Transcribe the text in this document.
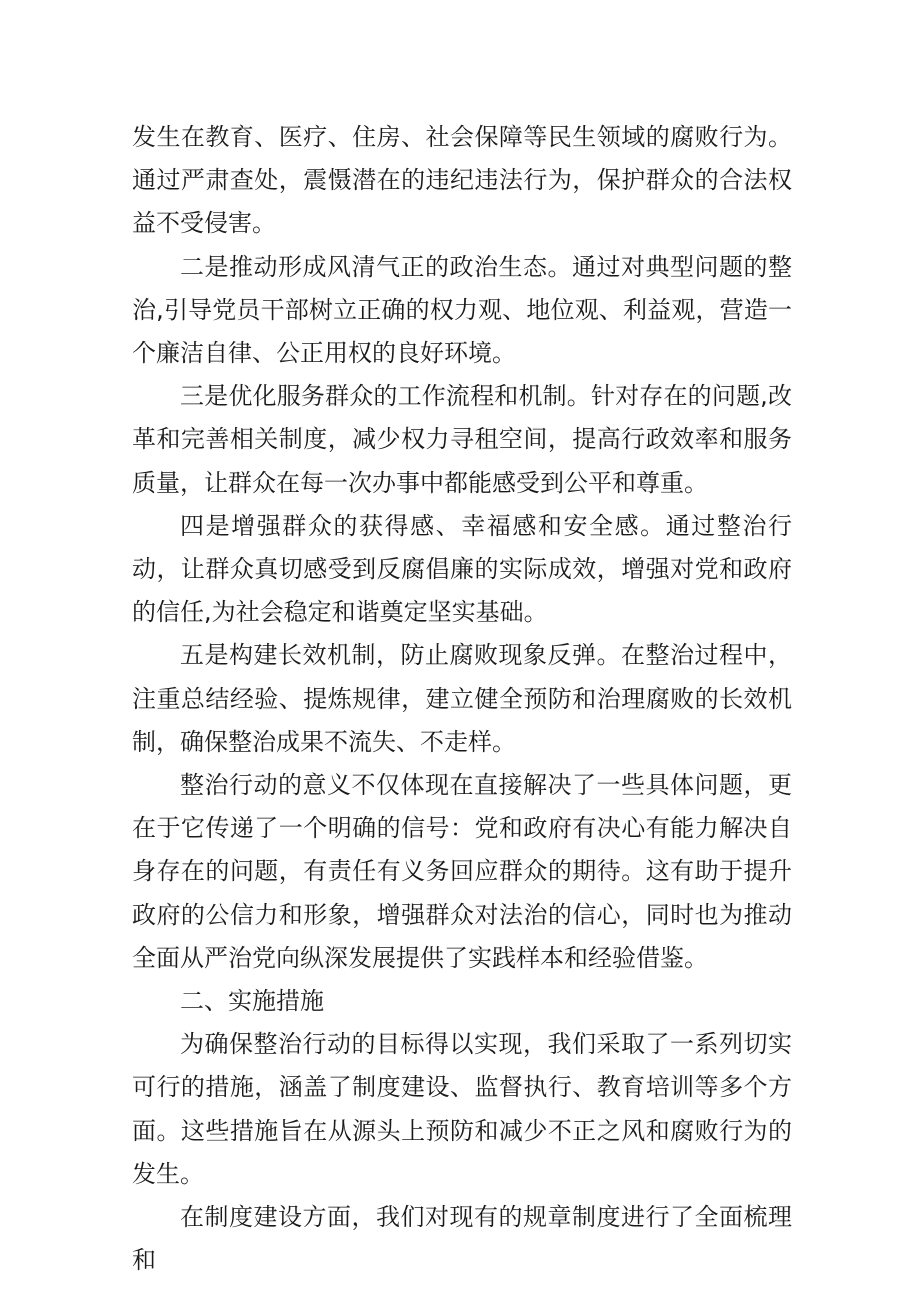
发生在教育、医疗、住房、社会保障等民生领域的腐败行为。通过严肃查处，震慑潜在的违纪违法行为，保护群众的合法权益不受侵害。

二是推动形成风清气正的政治生态。通过对典型问题的整治,引导党员干部树立正确的权力观、地位观、利益观，营造一个廉洁自律、公正用权的良好环境。

三是优化服务群众的工作流程和机制。针对存在的问题,改革和完善相关制度，减少权力寻租空间，提高行政效率和服务质量，让群众在每一次办事中都能感受到公平和尊重。

四是增强群众的获得感、幸福感和安全感。通过整治行动，让群众真切感受到反腐倡廉的实际成效，增强对党和政府的信任,为社会稳定和谐奠定坚实基础。

五是构建长效机制，防止腐败现象反弹。在整治过程中，注重总结经验、提炼规律，建立健全预防和治理腐败的长效机制，确保整治成果不流失、不走样。

整治行动的意义不仅体现在直接解决了一些具体问题，更在于它传递了一个明确的信号：党和政府有决心有能力解决自身存在的问题，有责任有义务回应群众的期待。这有助于提升政府的公信力和形象，增强群众对法治的信心，同时也为推动全面从严治党向纵深发展提供了实践样本和经验借鉴。

二、实施措施

为确保整治行动的目标得以实现，我们采取了一系列切实可行的措施，涵盖了制度建设、监督执行、教育培训等多个方面。这些措施旨在从源头上预防和减少不正之风和腐败行为的发生。

在制度建设方面，我们对现有的规章制度进行了全面梳理和
